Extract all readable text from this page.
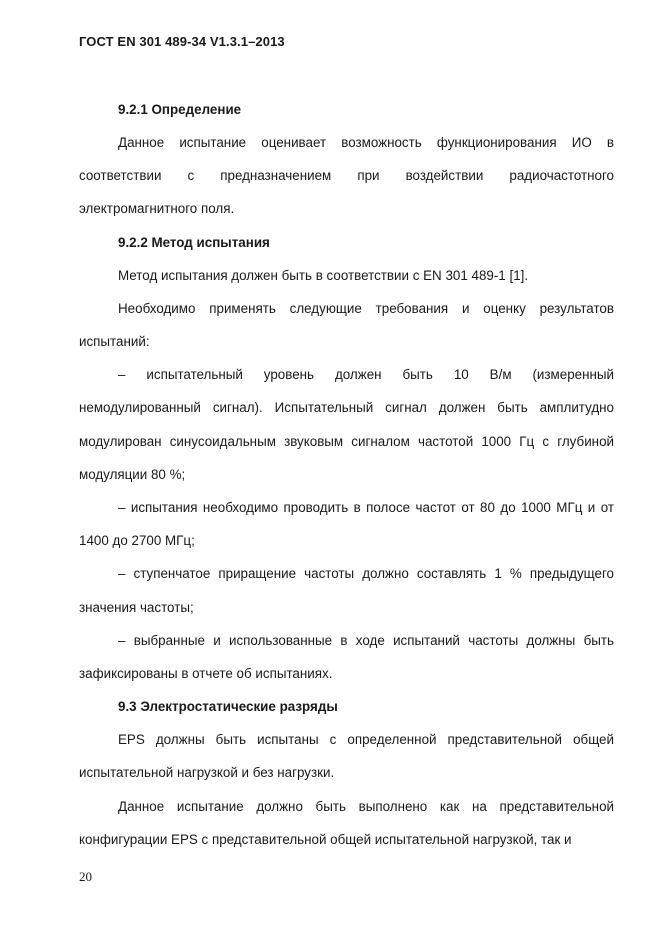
ГОСТ EN 301 489-34 V1.3.1–2013
9.2.1 Определение

Данное испытание оценивает возможность функционирования ИО в соответствии с предназначением при воздействии радиочастотного электромагнитного поля.

9.2.2 Метод испытания

Метод испытания должен быть в соответствии с EN 301 489-1 [1].

Необходимо применять следующие требования и оценку результатов испытаний:

– испытательный уровень должен быть 10 В/м (измеренный немодулированный сигнал). Испытательный сигнал должен быть амплитудно модулирован синусоидальным звуковым сигналом частотой 1000 Гц с глубиной модуляции 80 %;

– испытания необходимо проводить в полосе частот от 80 до 1000 МГц и от 1400 до 2700 МГц;

– ступенчатое приращение частоты должно составлять 1 % предыдущего значения частоты;

– выбранные и использованные в ходе испытаний частоты должны быть зафиксированы в отчете об испытаниях.

9.3 Электростатические разряды

EPS должны быть испытаны с определенной представительной общей испытательной нагрузкой и без нагрузки.

Данное испытание должно быть выполнено как на представительной конфигурации EPS с представительной общей испытательной нагрузкой, так и

20
